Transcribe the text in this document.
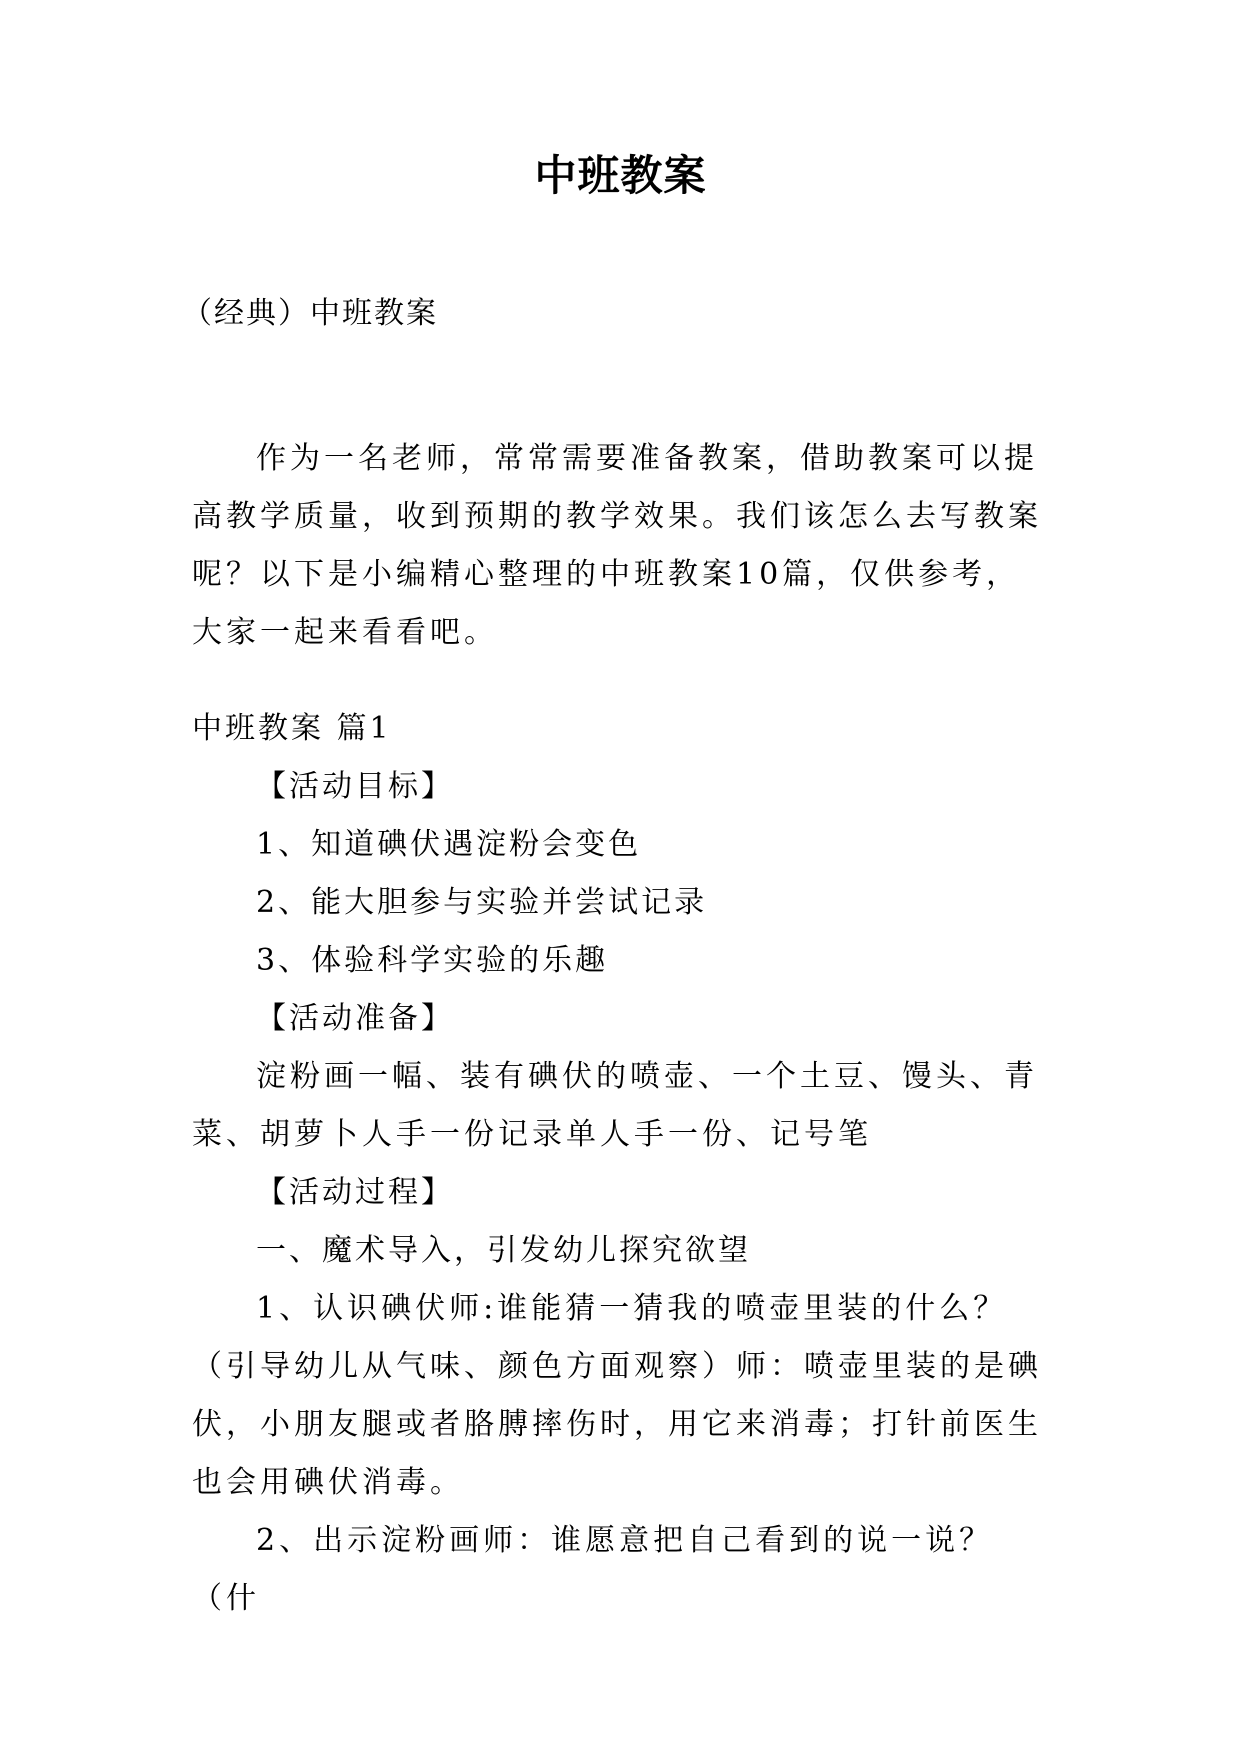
中班教案
（经典）中班教案

作为一名老师，常常需要准备教案，借助教案可以提高教学质量，收到预期的教学效果。我们该怎么去写教案呢？以下是小编精心整理的中班教案10篇，仅供参考，大家一起来看看吧。

中班教案 篇1

【活动目标】

1、知道碘伏遇淀粉会变色

2、能大胆参与实验并尝试记录

3、体验科学实验的乐趣

【活动准备】

淀粉画一幅、装有碘伏的喷壶、一个土豆、馒头、青菜、胡萝卜人手一份记录单人手一份、记号笔

【活动过程】

一、魔术导入，引发幼儿探究欲望

1、认识碘伏师:谁能猜一猜我的喷壶里装的什么？（引导幼儿从气味、颜色方面观察）师：喷壶里装的是碘伏，小朋友腿或者胳膊摔伤时，用它来消毒；打针前医生也会用碘伏消毒。

2、出示淀粉画师：谁愿意把自己看到的说一说？（什
